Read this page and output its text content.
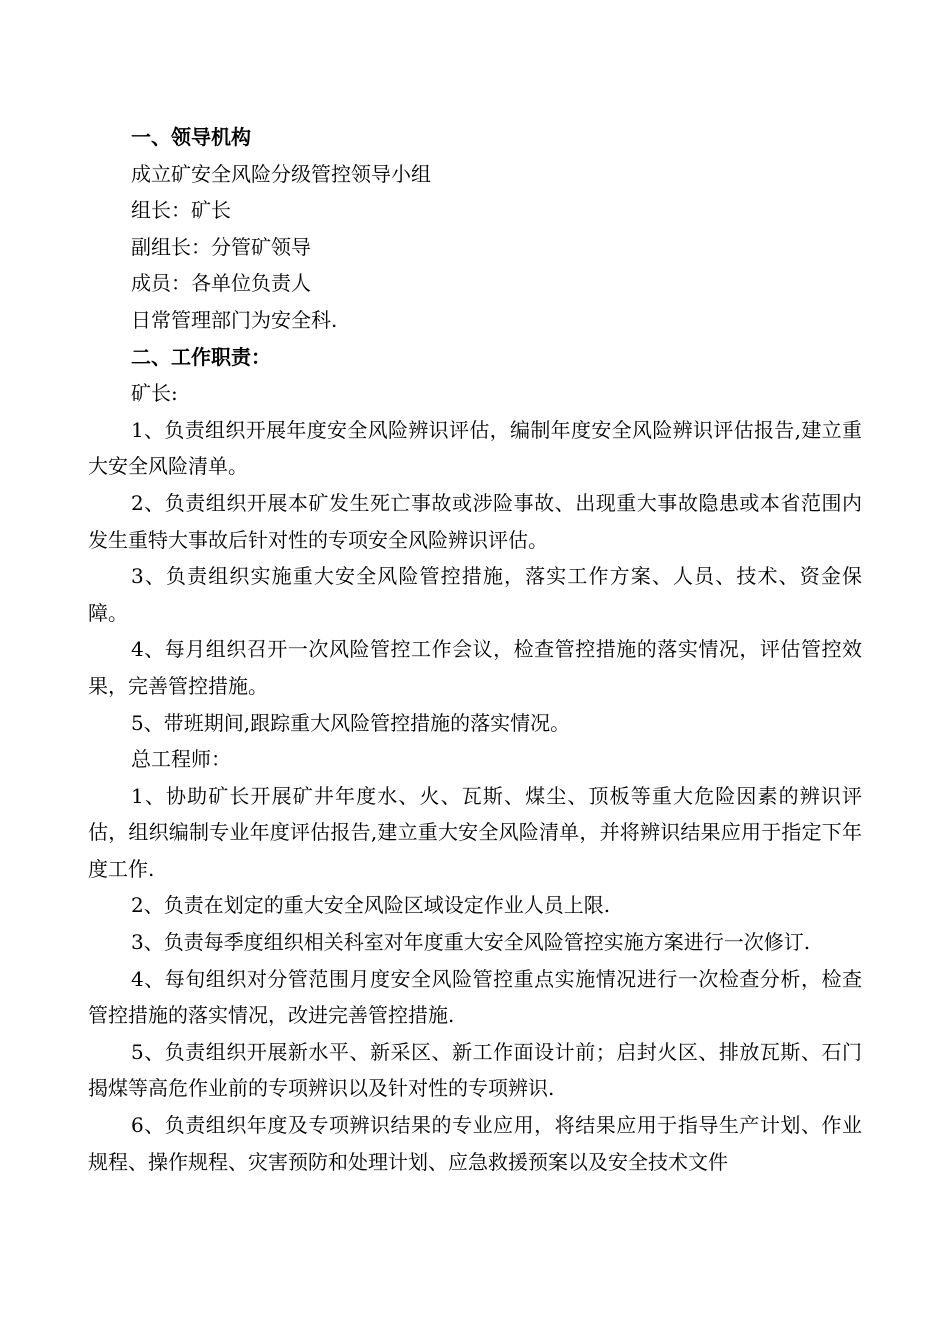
一、领导机构

成立矿安全风险分级管控领导小组

组长：矿长

副组长：分管矿领导

成员：各单位负责人

日常管理部门为安全科.

二、工作职责：

矿长:

1、负责组织开展年度安全风险辨识评估，编制年度安全风险辨识评估报告,建立重大安全风险清单。

2、负责组织开展本矿发生死亡事故或涉险事故、出现重大事故隐患或本省范围内发生重特大事故后针对性的专项安全风险辨识评估。

3、负责组织实施重大安全风险管控措施，落实工作方案、人员、技术、资金保障。

4、每月组织召开一次风险管控工作会议，检查管控措施的落实情况，评估管控效果，完善管控措施。

5、带班期间,跟踪重大风险管控措施的落实情况。

总工程师：

1、协助矿长开展矿井年度水、火、瓦斯、煤尘、顶板等重大危险因素的辨识评估，组织编制专业年度评估报告,建立重大安全风险清单，并将辨识结果应用于指定下年度工作.

2、负责在划定的重大安全风险区域设定作业人员上限.

3、负责每季度组织相关科室对年度重大安全风险管控实施方案进行一次修订.

4、每旬组织对分管范围月度安全风险管控重点实施情况进行一次检查分析，检查管控措施的落实情况，改进完善管控措施.

5、负责组织开展新水平、新采区、新工作面设计前；启封火区、排放瓦斯、石门揭煤等高危作业前的专项辨识以及针对性的专项辨识.

6、负责组织年度及专项辨识结果的专业应用，将结果应用于指导生产计划、作业规程、操作规程、灾害预防和处理计划、应急救援预案以及安全技术文件
